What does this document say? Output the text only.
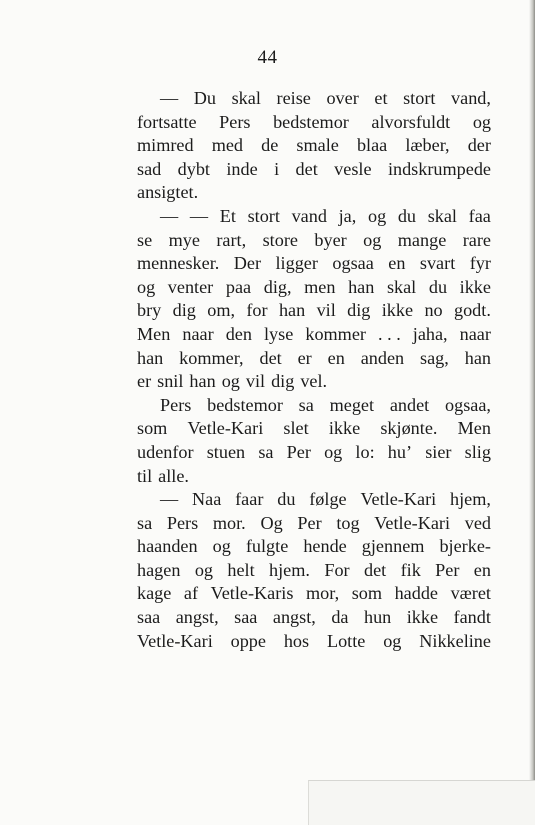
44
— Du skal reise over et stort vand,
fortsatte Pers bedstemor alvorsfuldt og
mimred med de smale blaa læber, der
sad dybt inde i det vesle indskrumpede
ansigtet.
— — Et stort vand ja, og du skal faa
se mye rart, store byer og mange rare
mennesker. Der ligger ogsaa en svart fyr
og venter paa dig, men han skal du ikke
bry dig om, for han vil dig ikke no godt.
Men naar den lyse kommer . . . jaha, naar
han kommer, det er en anden sag, han
er snil han og vil dig vel.
Pers bedstemor sa meget andet ogsaa,
som Vetle-Kari slet ikke skjønte. Men
udenfor stuen sa Per og lo: hu’ sier slig
til alle.
— Naa faar du følge Vetle-Kari hjem,
sa Pers mor. Og Per tog Vetle-Kari ved
haanden og fulgte hende gjennem bjerke-
hagen og helt hjem. For det fik Per en
kage af Vetle-Karis mor, som hadde været
saa angst, saa angst, da hun ikke fandt
Vetle-Kari oppe hos Lotte og Nikkeline
